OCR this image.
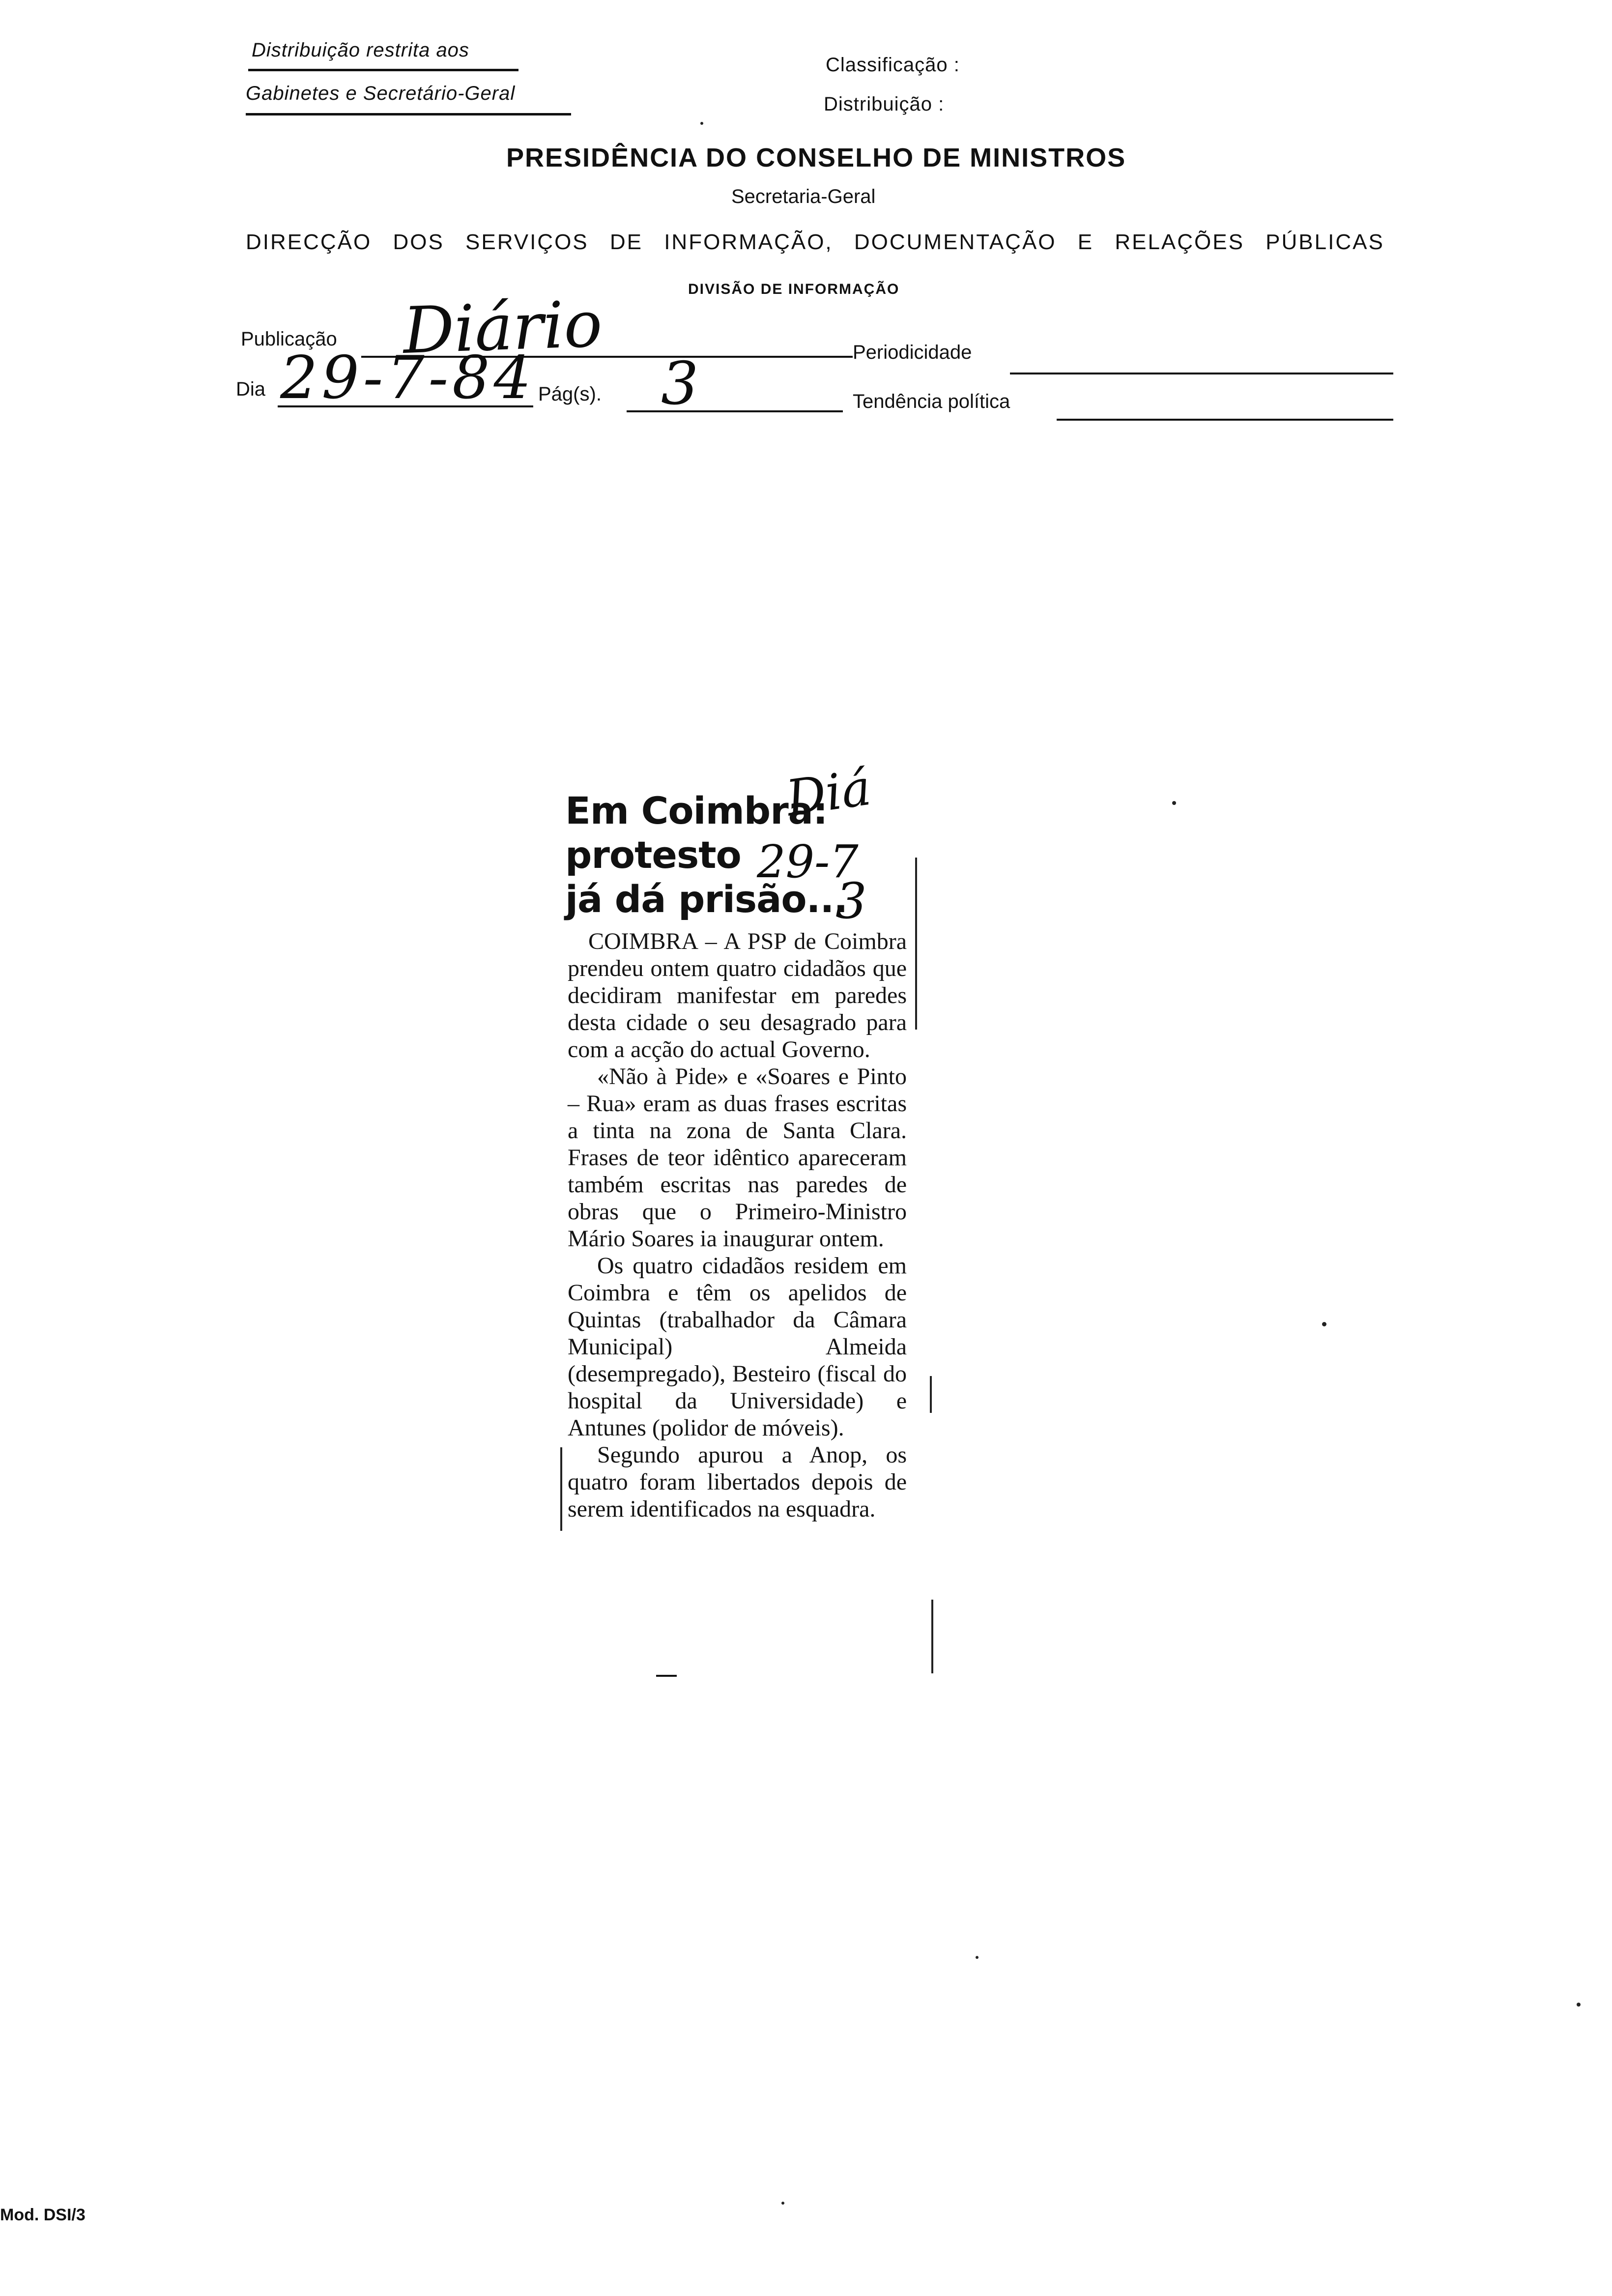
Distribuição restrita aos
Gabinetes e Secretário-Geral
Classificação :
Distribuição :
PRESIDÊNCIA DO CONSELHO DE MINISTROS
Secretaria-Geral
DIRECÇÃO DOS SERVIÇOS DE INFORMAÇÃO, DOCUMENTAÇÃO E RELAÇÕES PÚBLICAS
DIVISÃO DE INFORMAÇÃO
Publicação Diário	Periodicidade
Dia 29-7-84 Pág(s). 3	Tendência política
Em Coimbra:
protesto
já dá prisão...
Diá
29-7
3

COIMBRA – A PSP de Coimbra prendeu ontem quatro cidadãos que decidiram manifestar em paredes desta cidade o seu desagrado para com a acção do actual Governo.

«Não à Pide» e «Soares e Pinto – Rua» eram as duas frases escritas a tinta na zona de Santa Clara. Frases de teor idêntico apareceram também escritas nas paredes de obras que o Primeiro-Ministro Mário Soares ia inaugurar ontem.

Os quatro cidadãos residem em Coimbra e têm os apelidos de Quintas (trabalhador da Câmara Municipal) Almeida (desempregado), Besteiro (fiscal do hospital da Universidade) e Antunes (polidor de móveis).

Segundo apurou a Anop, os quatro foram libertados depois de serem identificados na esquadra.

Mod. DSI/3
